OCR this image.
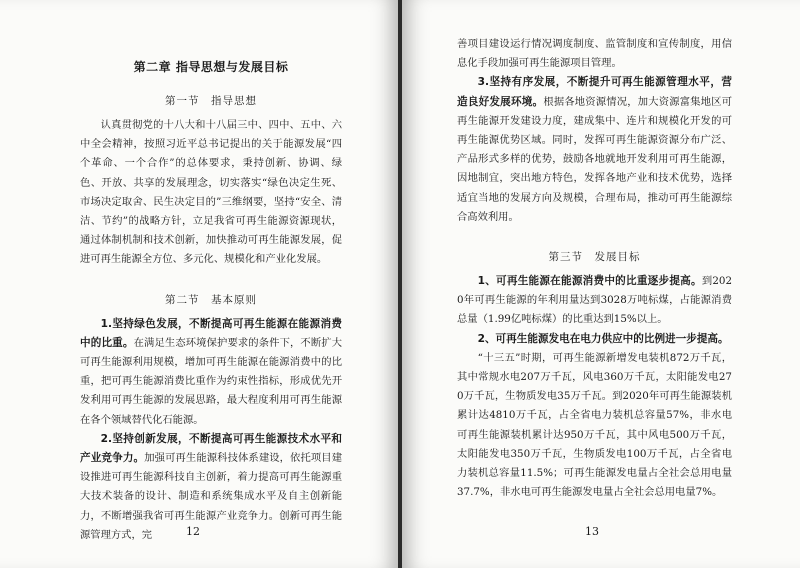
第二章 指导思想与发展目标
第一节　指导思想

认真贯彻党的十八大和十八届三中、四中、五中、六中全会精神，按照习近平总书记提出的关于能源发展“四个革命、一个合作”的总体要求，秉持创新、协调、绿色、开放、共享的发展理念，切实落实“绿色决定生死、市场决定取舍、民生决定目的”三维纲要，坚持“安全、清洁、节约”的战略方针，立足我省可再生能源资源现状，通过体制机制和技术创新，加快推动可再生能源发展，促进可再生能源全方位、多元化、规模化和产业化发展。

第二节　基本原则

1.坚持绿色发展，不断提高可再生能源在能源消费中的比重。在满足生态环境保护要求的条件下，不断扩大可再生能源利用规模，增加可再生能源在能源消费中的比重，把可再生能源消费比重作为约束性指标，形成优先开发利用可再生能源的发展思路，最大程度利用可再生能源在各个领域替代化石能源。

2.坚持创新发展，不断提高可再生能源技术水平和产业竞争力。加强可再生能源科技体系建设，依托项目建设推进可再生能源科技自主创新，着力提高可再生能源重大技术装备的设计、制造和系统集成水平及自主创新能力，不断增强我省可再生能源产业竞争力。创新可再生能源管理方式，完	12

善项目建设运行情况调度制度、监管制度和宣传制度，用信息化手段加强可再生能源项目管理。

3.坚持有序发展，不断提升可再生能源管理水平，营造良好发展环境。根据各地资源情况，加大资源富集地区可再生能源开发建设力度，建成集中、连片和规模化开发的可再生能源优势区域。同时，发挥可再生能源资源分布广泛、产品形式多样的优势，鼓励各地就地开发利用可再生能源，因地制宜，突出地方特色，发挥各地产业和技术优势，选择适宜当地的发展方向及规模，合理布局，推动可再生能源综合高效利用。

第三节　发展目标

1、可再生能源在能源消费中的比重逐步提高。到2020年可再生能源的年利用量达到3028万吨标煤，占能源消费总量（1.99亿吨标煤）的比重达到15%以上。

2、可再生能源发电在电力供应中的比例进一步提高。

“十三五”时期，可再生能源新增发电装机872万千瓦，其中常规水电207万千瓦，风电360万千瓦，太阳能发电270万千瓦，生物质发电35万千瓦。到2020年可再生能源装机累计达4810万千瓦，占全省电力装机总容量57%，非水电可再生能源装机累计达950万千瓦，其中风电500万千瓦，太阳能发电350万千瓦，生物质发电100万千瓦，占全省电力装机总容量11.5%；可再生能源发电量占全社会总用电量37.7%，非水电可再生能源发电量占全社会总用电量7%。

13
